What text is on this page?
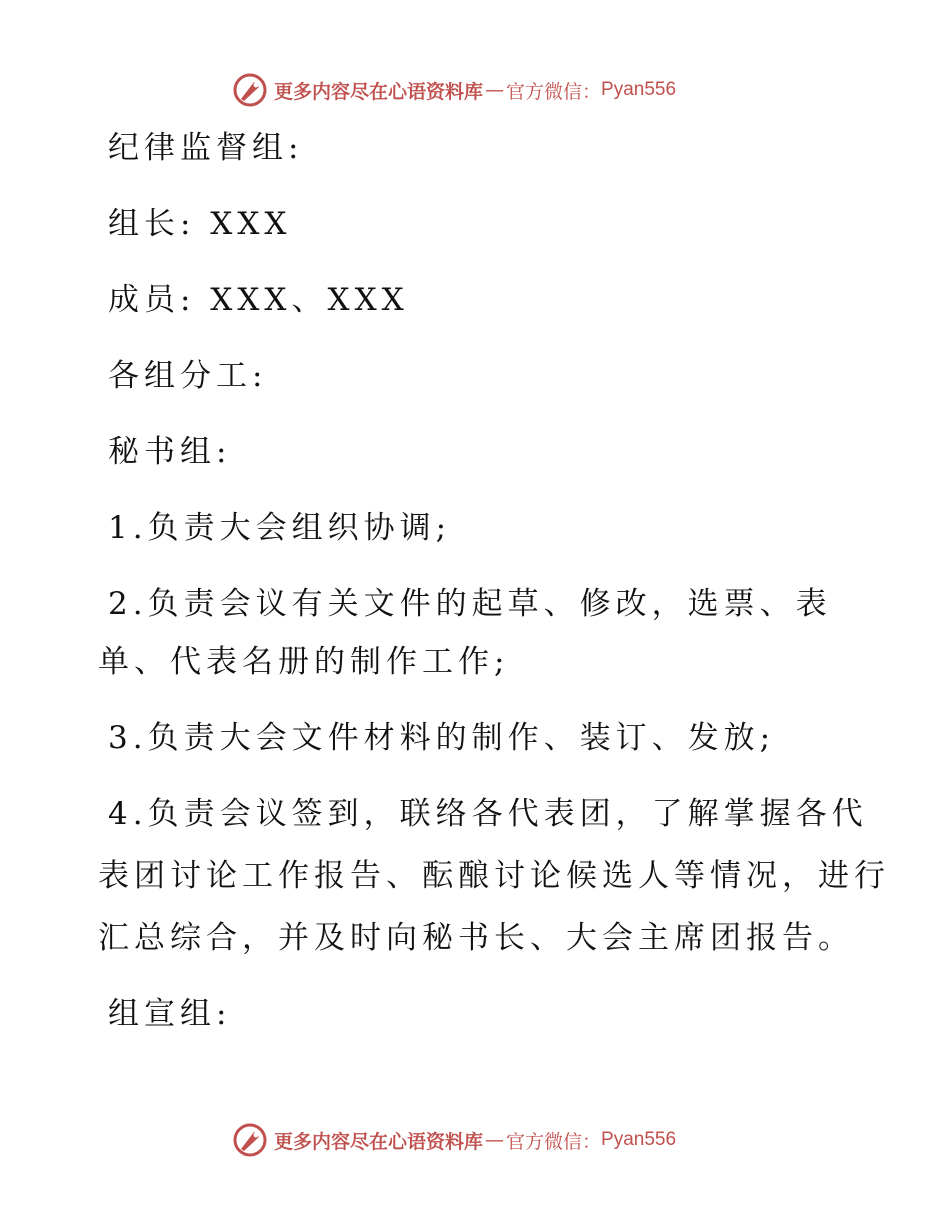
更多内容尽在心语资料库 — 官方微信： Pyan556
纪律监督组:
组长: XXX
成员: XXX、XXX
各组分工:
秘书组:
1.负责大会组织协调;
2.负责会议有关文件的起草、修改，选票、表
单、代表名册的制作工作;
3.负责大会文件材料的制作、装订、发放;
4.负责会议签到，联络各代表团，了解掌握各代
表团讨论工作报告、酝酿讨论候选人等情况，进行
汇总综合，并及时向秘书长、大会主席团报告。
组宣组:
更多内容尽在心语资料库 — 官方微信： Pyan556
